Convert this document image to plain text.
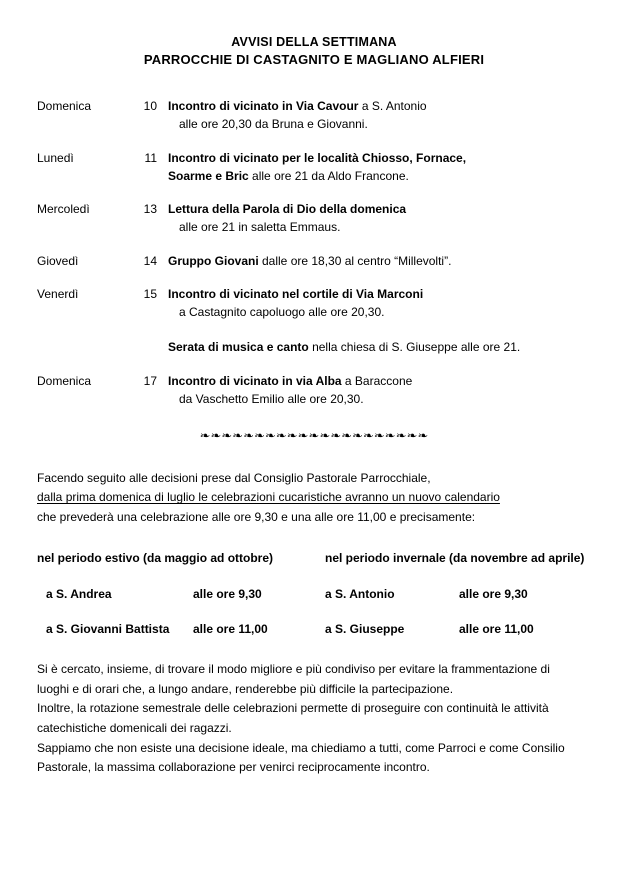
AVVISI DELLA SETTIMANA
PARROCCHIE DI CASTAGNITO E MAGLIANO ALFIERI
Domenica	10 Incontro di vicinato in Via Cavour a S. Antonio
alle ore 20,30 da Bruna e Giovanni.
Lunedì	11 Incontro di vicinato per le località Chiosso, Fornace,
Soarme e Bric alle ore 21 da Aldo Francone.
Mercoledì	13 Lettura della Parola di Dio della domenica
alle ore 21 in saletta Emmaus.
Giovedì	14 Gruppo Giovani dalle ore 18,30 al centro “Millevolti”.
Venerdì	15 Incontro di vicinato nel cortile di Via Marconi
a Castagnito capoluogo alle ore 20,30.
Serata di musica e canto nella chiesa di S. Giuseppe alle ore 21.
Domenica	17 Incontro di vicinato in via Alba a Baraccone
da Vaschetto Emilio alle ore 20,30.
❧❧❧❧❧❧❧❧❧❧❧❧❧❧❧❧❧❧❧❧❧
Facendo seguito alle decisioni prese dal Consiglio Pastorale Parrocchiale,
dalla prima domenica di luglio le celebrazioni cucaristiche avranno un nuovo calendario
che prevederà una celebrazione alle ore 9,30 e una alle ore 11,00 e precisamente:
nel periodo estivo (da maggio ad ottobre)	nel periodo invernale (da novembre ad aprile)
a S. Andrea	alle ore 9,30	a S. Antonio	alle ore 9,30
a S. Giovanni Battista	alle ore 11,00	a S. Giuseppe	alle ore 11,00
Si è cercato, insieme, di trovare il modo migliore e più condiviso per evitare la frammentazione di
luoghi e di orari che, a lungo andare, renderebbe più difficile la partecipazione.
Inoltre, la rotazione semestrale delle celebrazioni permette di proseguire con continuità le attività
catechistiche domenicali dei ragazzi.
Sappiamo che non esiste una decisione ideale, ma chiediamo a tutti, come Parroci e come Consilio
Pastorale, la massima collaborazione per venirci reciprocamente incontro.
